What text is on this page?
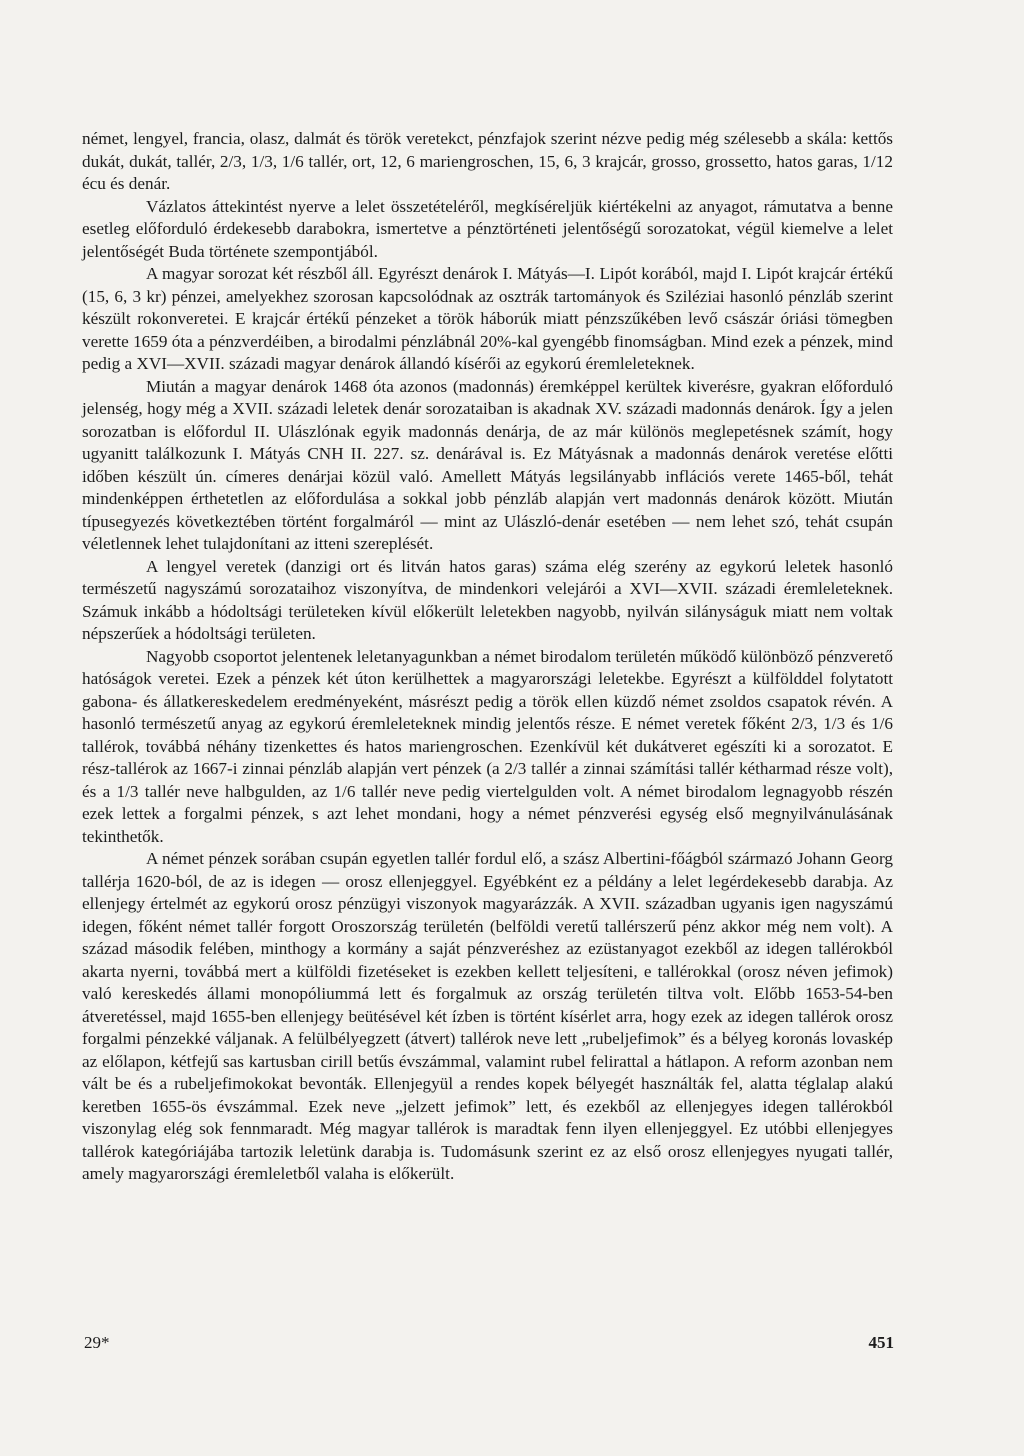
német, lengyel, francia, olasz, dalmát és török veretekct, pénzfajok szerint nézve pedig még szélesebb a skála: kettős dukát, dukát, tallér, 2/3, 1/3, 1/6 tallér, ort, 12, 6 mariengroschen, 15, 6, 3 krajcár, grosso, grossetto, hatos garas, 1/12 écu és denár.

Vázlatos áttekintést nyerve a lelet összetételéről, megkíséreljük kiértékelni az anyagot, rámutatva a benne esetleg előforduló érdekesebb darabokra, ismertetve a pénztörténeti jelentőségű sorozatokat, végül kiemelve a lelet jelentőségét Buda története szempontjából.

A magyar sorozat két részből áll. Egyrészt denárok I. Mátyás—I. Lipót korából, majd I. Lipót krajcár értékű (15, 6, 3 kr) pénzei, amelyekhez szorosan kapcsolódnak az osztrák tartományok és Sziléziai hasonló pénzláb szerint készült rokonveretei. E krajcár értékű pénzeket a török háborúk miatt pénzszűkében levő császár óriási tömegben verette 1659 óta a pénzverdéiben, a birodalmi pénzlábnál 20%-kal gyengébb finomságban. Mind ezek a pénzek, mind pedig a XVI—XVII. századi magyar denárok állandó kísérői az egykorú éremleleteknek.

Miután a magyar denárok 1468 óta azonos (madonnás) éremképpel kerültek kiverésre, gyakran előforduló jelenség, hogy még a XVII. századi leletek denár sorozataiban is akadnak XV. századi madonnás denárok. Így a jelen sorozatban is előfordul II. Ulászlónak egyik madonnás denárja, de az már különös meglepetésnek számít, hogy ugyanitt találkozunk I. Mátyás CNH II. 227. sz. denárával is. Ez Mátyásnak a madonnás denárok veretése előtti időben készült ún. címeres denárjai közül való. Amellett Mátyás legsilányabb inflációs verete 1465-ből, tehát mindenképpen érthetetlen az előfordulása a sokkal jobb pénzláb alapján vert madonnás denárok között. Miután típusegyezés következtében történt forgalmáról — mint az Ulászló-denár esetében — nem lehet szó, tehát csupán véletlennek lehet tulajdonítani az itteni szereplését.

A lengyel veretek (danzigi ort és litván hatos garas) száma elég szerény az egykorú leletek hasonló természetű nagyszámú sorozataihoz viszonyítva, de mindenkori velejárói a XVI—XVII. századi éremleleteknek. Számuk inkább a hódoltsági területeken kívül előkerült leletekben nagyobb, nyilván silányságuk miatt nem voltak népszerűek a hódoltsági területen.

Nagyobb csoportot jelentenek leletanyagunkban a német birodalom területén működő különböző pénzverető hatóságok veretei. Ezek a pénzek két úton kerülhettek a magyarországi leletekbe. Egyrészt a külfölddel folytatott gabona- és állatkereskedelem eredményeként, másrészt pedig a török ellen küzdő német zsoldos csapatok révén. A hasonló természetű anyag az egykorú éremleleteknek mindig jelentős része. E német veretek főként 2/3, 1/3 és 1/6 tallérok, továbbá néhány tizenkettes és hatos mariengroschen. Ezenkívül két dukátveret egészíti ki a sorozatot. E rész-tallérok az 1667-i zinnai pénzláb alapján vert pénzek (a 2/3 tallér a zinnai számítási tallér kétharmad része volt), és a 1/3 tallér neve halbgulden, az 1/6 tallér neve pedig viertelgulden volt. A német birodalom legnagyobb részén ezek lettek a forgalmi pénzek, s azt lehet mondani, hogy a német pénzverési egység első megnyilvánulásának tekinthetők.

A német pénzek sorában csupán egyetlen tallér fordul elő, a szász Albertini-főágból származó Johann Georg tallérja 1620-ból, de az is idegen — orosz ellenjeggyel. Egyébként ez a példány a lelet legérdekesebb darabja. Az ellenjegy értelmét az egykorú orosz pénzügyi viszonyok magyarázzák. A XVII. században ugyanis igen nagyszámú idegen, főként német tallér forgott Oroszország területén (belföldi veretű tallérszerű pénz akkor még nem volt). A század második felében, minthogy a kormány a saját pénzveréshez az ezüstanyagot ezekből az idegen tallérokból akarta nyerni, továbbá mert a külföldi fizetéseket is ezekben kellett teljesíteni, e tallérokkal (orosz néven jefimok) való kereskedés állami monopóliummá lett és forgalmuk az ország területén tiltva volt. Előbb 1653-54-ben átveretéssel, majd 1655-ben ellenjegy beütésével két ízben is történt kísérlet arra, hogy ezek az idegen tallérok orosz forgalmi pénzekké váljanak. A felülbélyegzett (átvert) tallérok neve lett „rubeljefimok” és a bélyeg koronás lovaskép az előlapon, kétfejű sas kartusban cirill betűs évszámmal, valamint rubel felirattal a hátlapon. A reform azonban nem vált be és a rubeljefimokokat bevonták. Ellenjegyül a rendes kopek bélyegét használták fel, alatta téglalap alakú keretben 1655-ös évszámmal. Ezek neve „jelzett jefimok” lett, és ezekből az ellenjegyes idegen tallérokból viszonylag elég sok fennmaradt. Még magyar tallérok is maradtak fenn ilyen ellenjeggyel. Ez utóbbi ellenjegyes tallérok kategóriájába tartozik leletünk darabja is. Tudomásunk szerint ez az első orosz ellenjegyes nyugati tallér, amely magyarországi éremleletből valaha is előkerült.

29*	451
